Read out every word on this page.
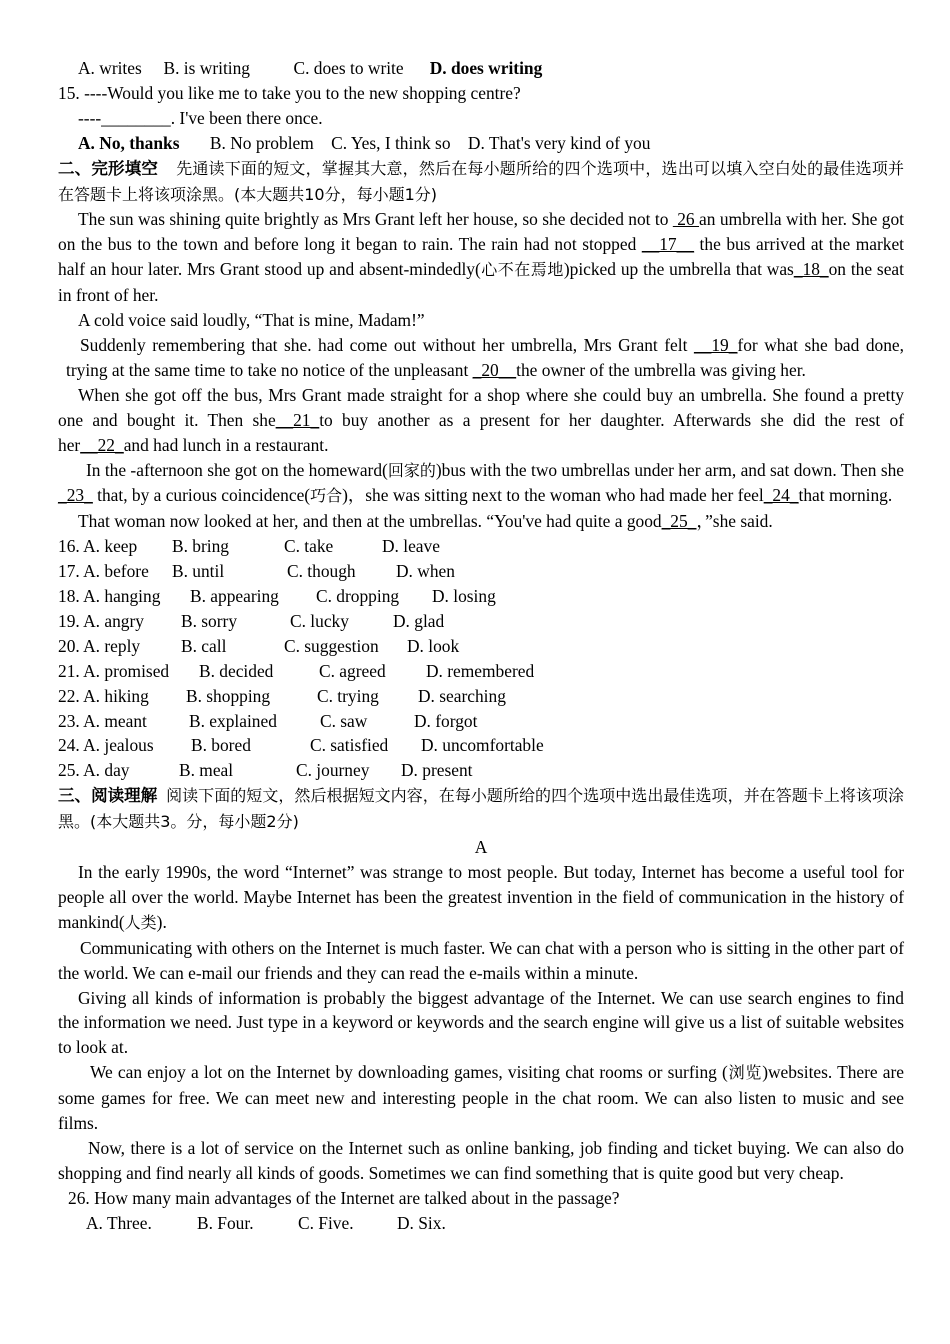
A. writes B. is writing C. does to write D. does writing
15. ----Would you like me to take you to the new shopping centre?
----________. I've been there once.
A. No, thanks B. No problem C. Yes, I think so D. That's very kind of you
二、完形填空 先通读下面的短文，掌握其大意，然后在每小题所给的四个选项中，选出可以填入空白处的最佳选项并在答题卡上将该项涂黑。(本大题共10分，每小题1分)
The sun was shining quite brightly as Mrs Grant left her house, so she decided not to  26 an umbrella with her. She got on the bus to the town and before long it began to rain. The rain had not stopped __17__ the bus arrived at the market half an hour later. Mrs Grant stood up and absent-mindedly(心不在焉地)picked up the umbrella that was_18_on the seat in front of her.
A cold voice said loudly, “That is mine, Madam!”
Suddenly remembering that she. had come out without her umbrella, Mrs Grant felt __19_for what she bad done, trying at the same time to take no notice of the unpleasant _20__the owner of the umbrella was giving her.
When she got off the bus, Mrs Grant made straight for a shop where she could buy an umbrella. She found a pretty one and bought it. Then she__21_to buy another as a present for her daughter. Afterwards she did the rest of her__22_and had lunch in a restaurant.
In the -afternoon she got on the homeward(回家的)bus with the two umbrellas under her arm, and sat down. Then she _23_ that, by a curious coincidence(巧合)，she was sitting next to the woman who had made her feel_24_that morning.
That woman now looked at her, and then at the umbrellas. “You've had quite a good_25_，”she said.
16. A. keep B. bring	C. take	D. leave
17. A. before B. until	C. though D. when
18. A. hanging B. appearing C. dropping D. losing
19. A. angry B. sorry	C. lucky	D. glad
20. A. reply B. call	C. suggestion D. look
21. A. promised B. decided	C. agreed D. remembered
22. A. hiking B. shopping	C. trying D. searching
23. A. meant B. explained C. saw	D. forgot
24. A. jealous B. bored	C. satisfied D. uncomfortable
25. A. day	B. meal	C. journey D. present
三、阅读理解 阅读下面的短文，然后根据短文内容，在每小题所给的四个选项中选出最佳选项，并在答题卡上将该项涂黑。(本大题共3。分，每小题2分)
A
In the early 1990s, the word “Internet” was strange to most people. But today, Internet has become a useful tool for people all over the world. Maybe Internet has been the greatest invention in the field of communication in the history of mankind(人类).
Communicating with others on the Internet is much faster. We can chat with a person who is sitting in the other part of the world. We can e-mail our friends and they can read the e-mails within a minute.
Giving all kinds of information is probably the biggest advantage of the Internet. We can use search engines to find the information we need. Just type in a keyword or keywords and the search engine will give us a list of suitable websites to look at.
We can enjoy a lot on the Internet by downloading games, visiting chat rooms or surfing (浏览)websites. There are some games for free. We can meet new and interesting people in the chat room. We can also listen to music and see films.
Now, there is a lot of service on the Internet such as online banking, job finding and ticket buying. We can also do shopping and find nearly all kinds of goods. Sometimes we can find something that is quite good but very cheap.
26. How many main advantages of the Internet are talked about in the passage?
A. Three.	B. Four.	C. Five. D. Six.
